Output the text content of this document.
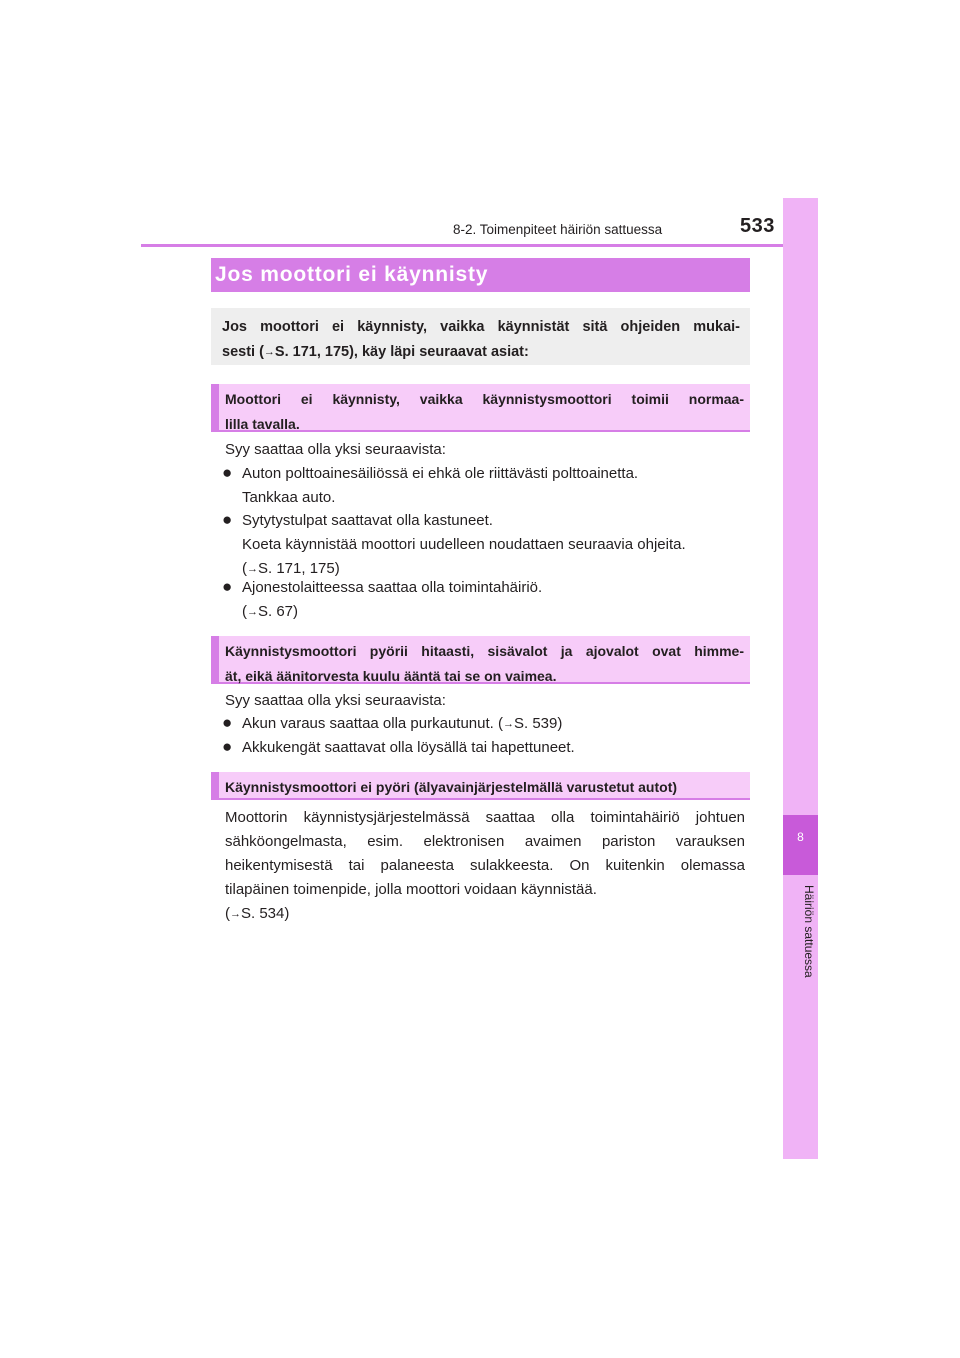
8-2. Toimenpiteet häiriön sattuessa	533
8
Häiriön sattuessa
Jos moottori ei käynnisty
Jos moottori ei käynnisty, vaikka käynnistät sitä ohjeiden mukai-
sesti (→S. 171, 175), käy läpi seuraavat asiat:
Moottori ei käynnisty, vaikka käynnistysmoottori toimii normaa-
lilla tavalla.
Syy saattaa olla yksi seuraavista:
● Auton polttoainesäiliössä ei ehkä ole riittävästi polttoainetta.
Tankkaa auto.
● Sytytystulpat saattavat olla kastuneet.
Koeta käynnistää moottori uudelleen noudattaen seuraavia ohjeita.
(→S. 171, 175)
● Ajonestolaitteessa saattaa olla toimintahäiriö.
(→S. 67)
Käynnistysmoottori pyörii hitaasti, sisävalot ja ajovalot ovat himme-
ät, eikä äänitorvesta kuulu ääntä tai se on vaimea.
Syy saattaa olla yksi seuraavista:
● Akun varaus saattaa olla purkautunut. (→S. 539)
● Akkukengät saattavat olla löysällä tai hapettuneet.
Käynnistysmoottori ei pyöri (älyavainjärjestelmällä varustetut autot)
Moottorin käynnistysjärjestelmässä saattaa olla toimintahäiriö johtuen
sähköongelmasta, esim. elektronisen avaimen pariston varauksen
heikentymisestä tai palaneesta sulakkeesta. On kuitenkin olemassa
tilapäinen toimenpide, jolla moottori voidaan käynnistää.
(→S. 534)
